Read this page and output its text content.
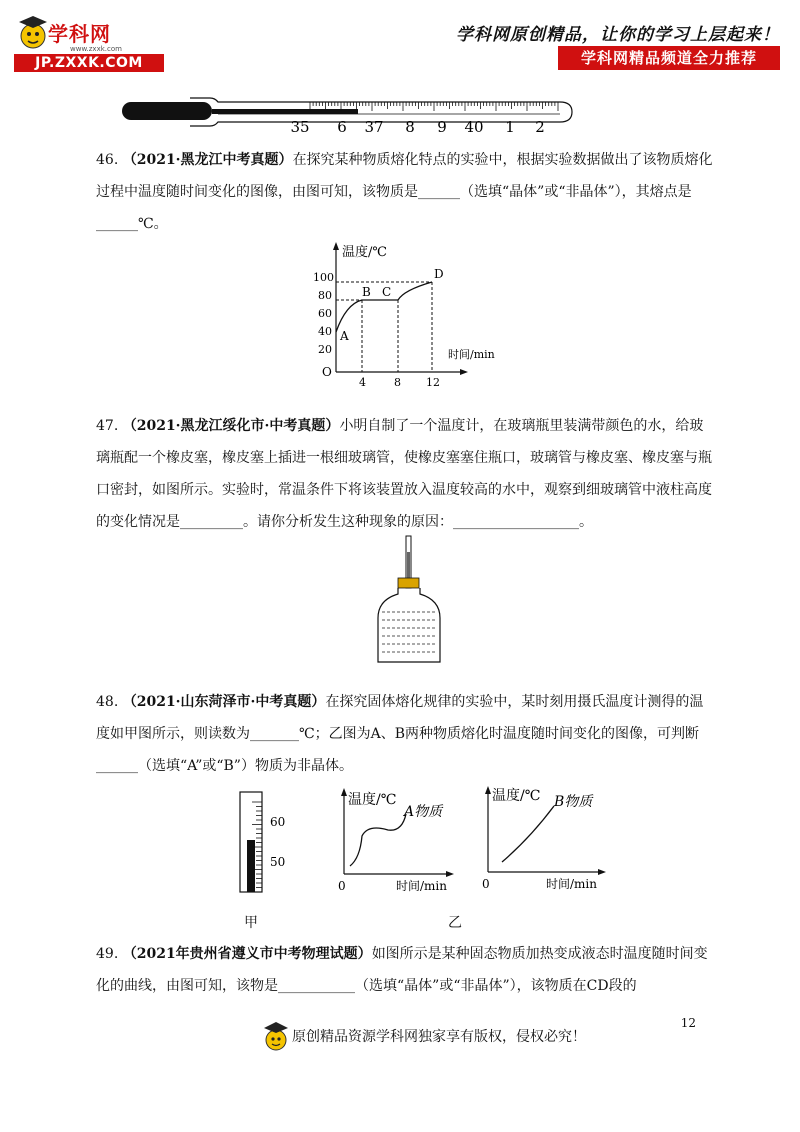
学科网
www.zxxk.com
JP.ZXXK.COM
学科网原创精品，让你的学习上层起来！
学科网精品频道全力推荐
35 6 37 8 9 40 1 2
46. （2021·黑龙江中考真题）在探究某种物质熔化特点的实验中，根据实验数据做出了该物质熔化过程中温度随时间变化的图像，由图可知，该物质是______（选填“晶体”或“非晶体”），其熔点是______℃。
温度/℃
时间/min
O
20
40
60
80
100
4	8 12
A
B C
D
47. （2021·黑龙江绥化市·中考真题）小明自制了一个温度计，在玻璃瓶里装满带颜色的水，给玻璃瓶配一个橡皮塞，橡皮塞上插进一根细玻璃管，使橡皮塞塞住瓶口，玻璃管与橡皮塞、橡皮塞与瓶口密封，如图所示。实验时，常温条件下将该装置放入温度较高的水中，观察到细玻璃管中液柱高度的变化情况是_________。请你分析发生这种现象的原因：__________________。
48. （2021·山东菏泽市·中考真题）在探究固体熔化规律的实验中，某时刻用摄氏温度计测得的温度如甲图所示，则读数为_______℃；乙图为A、B两种物质熔化时温度随时间变化的图像，可判断______（选填“A”或“B”）物质为非晶体。
60
50
温度/℃
时间/min
0
A物质
温度/℃
时间/min
0
B物质
甲	乙
49. （2021年贵州省遵义市中考物理试题）如图所示是某种固态物质加热变成液态时温度随时间变化的曲线，由图可知，该物是___________（选填“晶体”或“非晶体”），该物质在CD段的
12
原创精品资源学科网独家享有版权，侵权必究！
